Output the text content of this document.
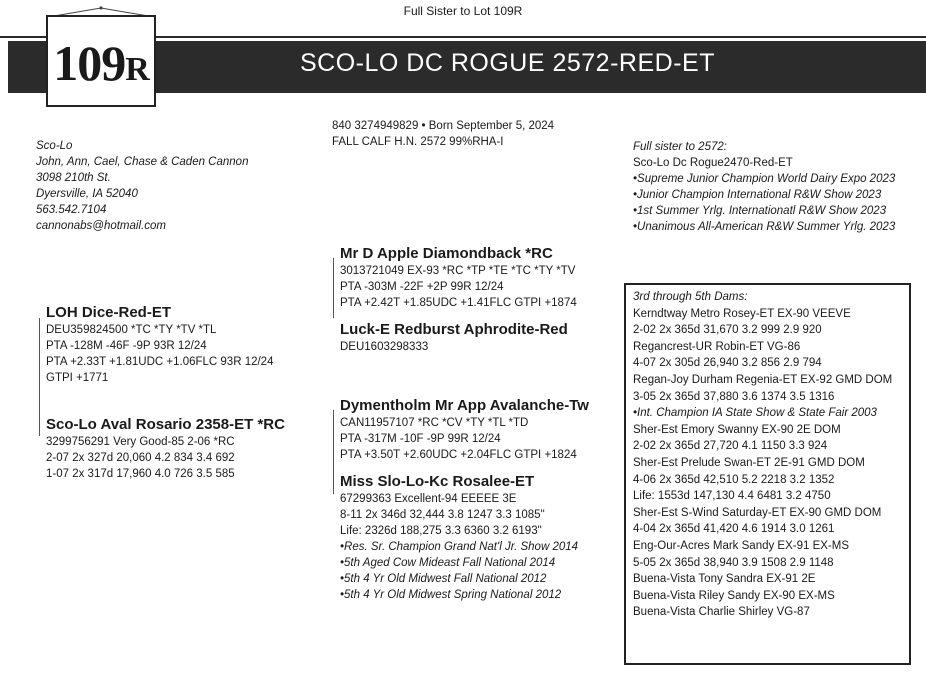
Full Sister to Lot 109R
SCO-LO DC ROGUE 2572-RED-ET
109R
Sco-Lo
John, Ann, Cael, Chase & Caden Cannon
3098 210th St.
Dyersville, IA 52040
563.542.7104
cannonabs@hotmail.com
840 3274949829 • Born September 5, 2024
FALL CALF H.N. 2572 99%RHA-I	Full sister to 2572:
Sco-Lo Dc Rogue2470-Red-ET
•Supreme Junior Champion World Dairy Expo 2023
•Junior Champion International R&W Show 2023
•1st Summer Yrlg. Internationatl R&W Show 2023
•Unanimous All-American R&W Summer Yrlg. 2023
Mr D Apple Diamondback *RC
3013721049 EX-93 *RC *TP *TE *TC *TY *TV
PTA -303M -22F +2P 99R 12/24
PTA +2.42T +1.85UDC +1.41FLC GTPI +1874
Luck-E Redburst Aphrodite-Red
DEU1603298333
LOH Dice-Red-ET
DEU359824500 *TC *TY *TV *TL
PTA -128M -46F -9P 93R 12/24
PTA +2.33T +1.81UDC +1.06FLC 93R 12/24
GTPI +1771
Sco-Lo Aval Rosario 2358-ET *RC
3299756291 Very Good-85 2-06 *RC
2-07 2x 327d 20,060 4.2 834 3.4 692
1-07 2x 317d 17,960 4.0 726 3.5 585
Dymentholm Mr App Avalanche-Tw
CAN11957107 *RC *CV *TY *TL *TD
PTA -317M -10F -9P 99R 12/24
PTA +3.50T +2.60UDC +2.04FLC GTPI +1824
Miss Slo-Lo-Kc Rosalee-ET
67299363 Excellent-94 EEEEE 3E
8-11 2x 346d 32,444 3.8 1247 3.3 1085"
Life: 2326d 188,275 3.3 6360 3.2 6193"
•Res. Sr. Champion Grand Nat'l Jr. Show 2014
•5th Aged Cow Mideast Fall National 2014
•5th 4 Yr Old Midwest Fall National 2012
•5th 4 Yr Old Midwest Spring National 2012
3rd through 5th Dams:
Kerndtway Metro Rosey-ET EX-90 VEEVE
2-02 2x 365d 31,670 3.2 999 2.9 920
Regancrest-UR Robin-ET VG-86
4-07 2x 305d 26,940 3.2 856 2.9 794
Regan-Joy Durham Regenia-ET EX-92 GMD DOM
3-05 2x 365d 37,880 3.6 1374 3.5 1316
•Int. Champion IA State Show & State Fair 2003
Sher-Est Emory Swanny EX-90 2E DOM
2-02 2x 365d 27,720 4.1 1150 3.3 924
Sher-Est Prelude Swan-ET 2E-91 GMD DOM
4-06 2x 365d 42,510 5.2 2218 3.2 1352
Life: 1553d 147,130 4.4 6481 3.2 4750
Sher-Est S-Wind Saturday-ET EX-90 GMD DOM
4-04 2x 365d 41,420 4.6 1914 3.0 1261
Eng-Our-Acres Mark Sandy EX-91 EX-MS
5-05 2x 365d 38,940 3.9 1508 2.9 1148
Buena-Vista Tony Sandra EX-91 2E
Buena-Vista Riley Sandy EX-90 EX-MS
Buena-Vista Charlie Shirley VG-87
